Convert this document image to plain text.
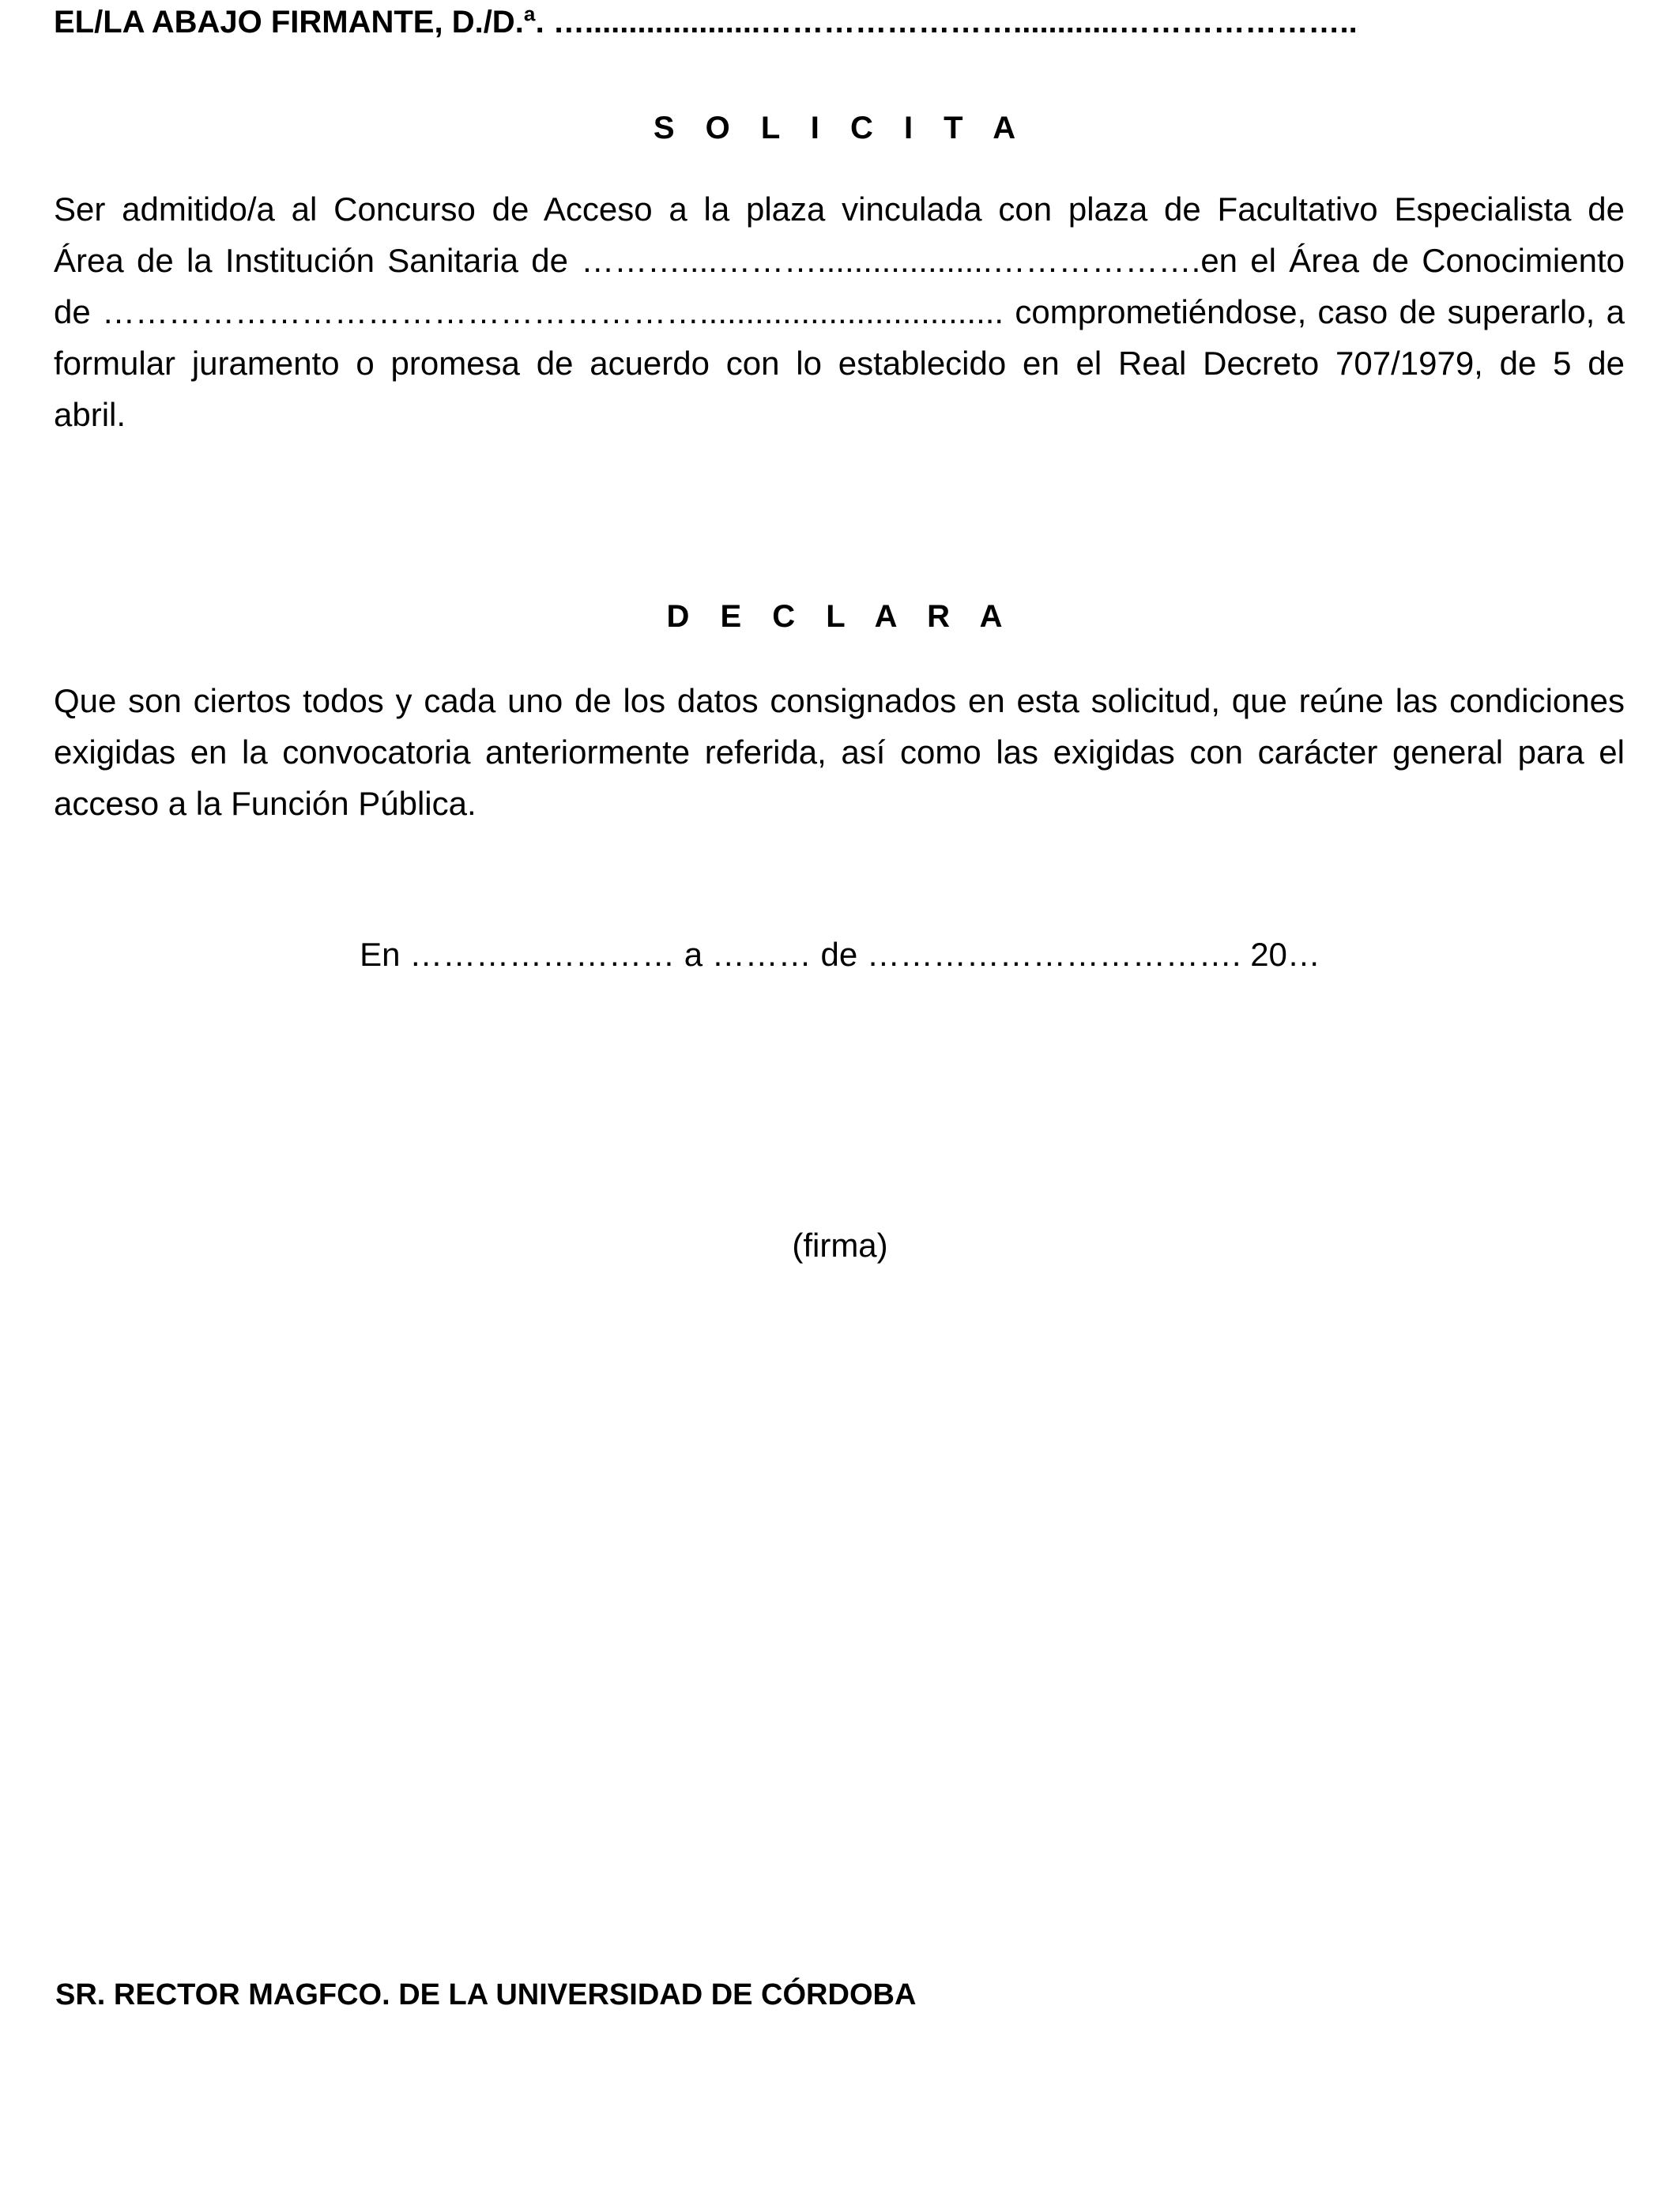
EL/LA ABAJO FIRMANTE, D./D.ª. …....................……………………............…………………..
S O L I C I T A
Ser admitido/a al Concurso de Acceso a la plaza vinculada con plaza de Facultativo Especialista de
Área de la Institución Sanitaria de ………....………...................……………….en el Área de Conocimiento
de ………………………………………………................................. comprometiéndose, caso de superarlo, a
formular juramento o promesa de acuerdo con lo establecido en el Real Decreto 707/1979, de 5 de
abril.
D E C L A R A
Que son ciertos todos y cada uno de los datos consignados en esta solicitud, que reúne las condiciones
exigidas en la convocatoria anteriormente referida, así como las exigidas con carácter general para el
acceso a la Función Pública.
En …………………… a ……… de ……………………………. 20…
(firma)
SR. RECTOR MAGFCO. DE LA UNIVERSIDAD DE CÓRDOBA
